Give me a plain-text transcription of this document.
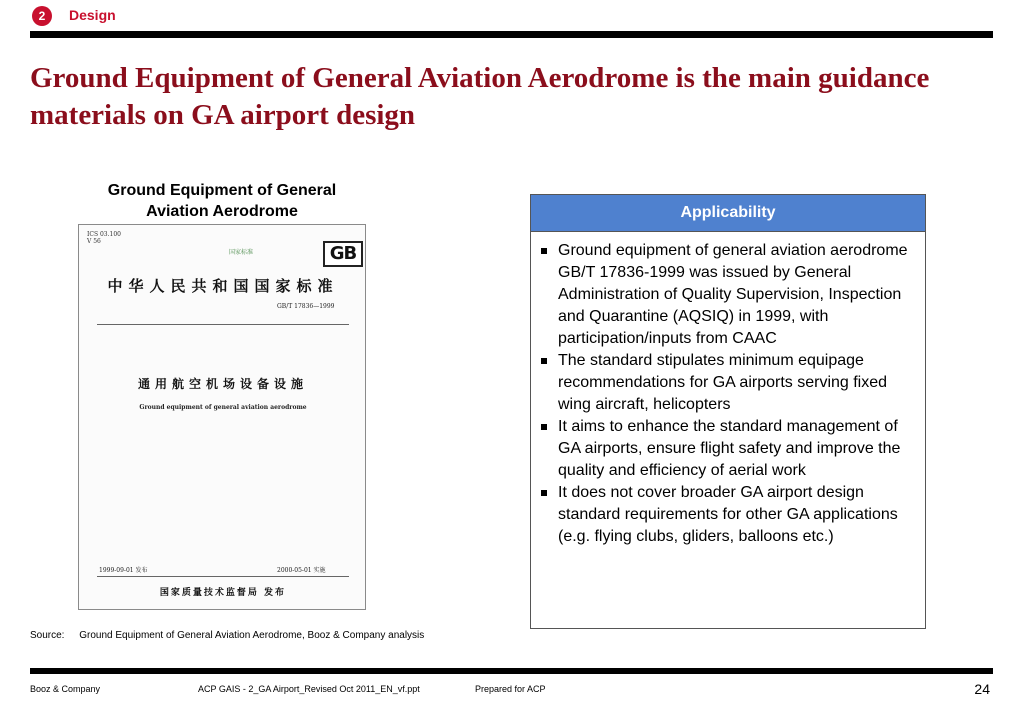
2	Design
Ground Equipment of General Aviation Aerodrome is the main guidance materials on GA airport design
Ground Equipment of General Aviation Aerodrome
ICS 03.100
V 56
国家标准	GB
中华人民共和国国家标准
GB/T 17836—1999
通用航空机场设备设施
Ground equipment of general aviation aerodrome
1999-09-01 发布	2000-05-01 实施
国家质量技术监督局 发布
Applicability
Ground equipment of general aviation aerodrome GB/T 17836-1999 was issued by General Administration of Quality Supervision, Inspection and Quarantine (AQSIQ) in 1999, with participation/inputs from CAAC
The standard stipulates minimum equipage recommendations for GA airports serving fixed wing aircraft, helicopters
It aims to enhance the standard management of GA airports, ensure flight safety and improve the quality and efficiency of aerial work
It does not cover broader GA airport design standard requirements for other GA applications (e.g. flying clubs, gliders, balloons etc.)
Source: Ground Equipment of General Aviation Aerodrome, Booz & Company analysis
Booz & Company	ACP GAIS - 2_GA Airport_Revised Oct 2011_EN_vf.ppt	Prepared for ACP	24
